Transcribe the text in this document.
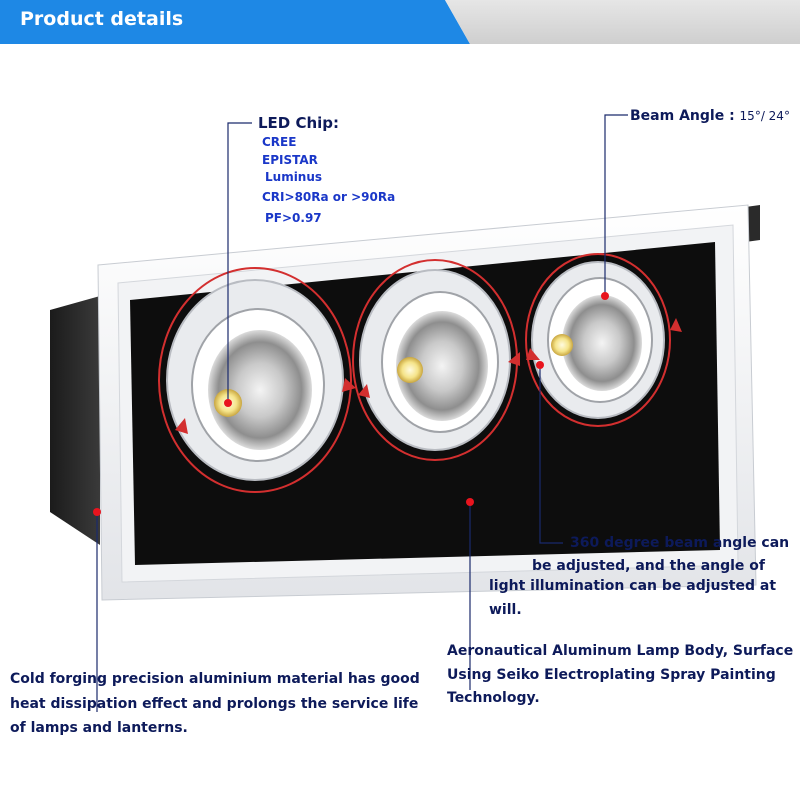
Product details
LED Chip:
CREE
EPISTAR
Luminus
CRI>80Ra or >90Ra
PF>0.97
Beam Angle : 15°/ 24°
360 degree beam angle can
be adjusted, and the angle of
light illumination can be adjusted at will.
Aeronautical Aluminum Lamp Body, Surface
Using Seiko Electroplating Spray Painting
Technology.
Cold forging precision aluminium material has good
heat dissipation effect and prolongs the service life
of lamps and lanterns.
